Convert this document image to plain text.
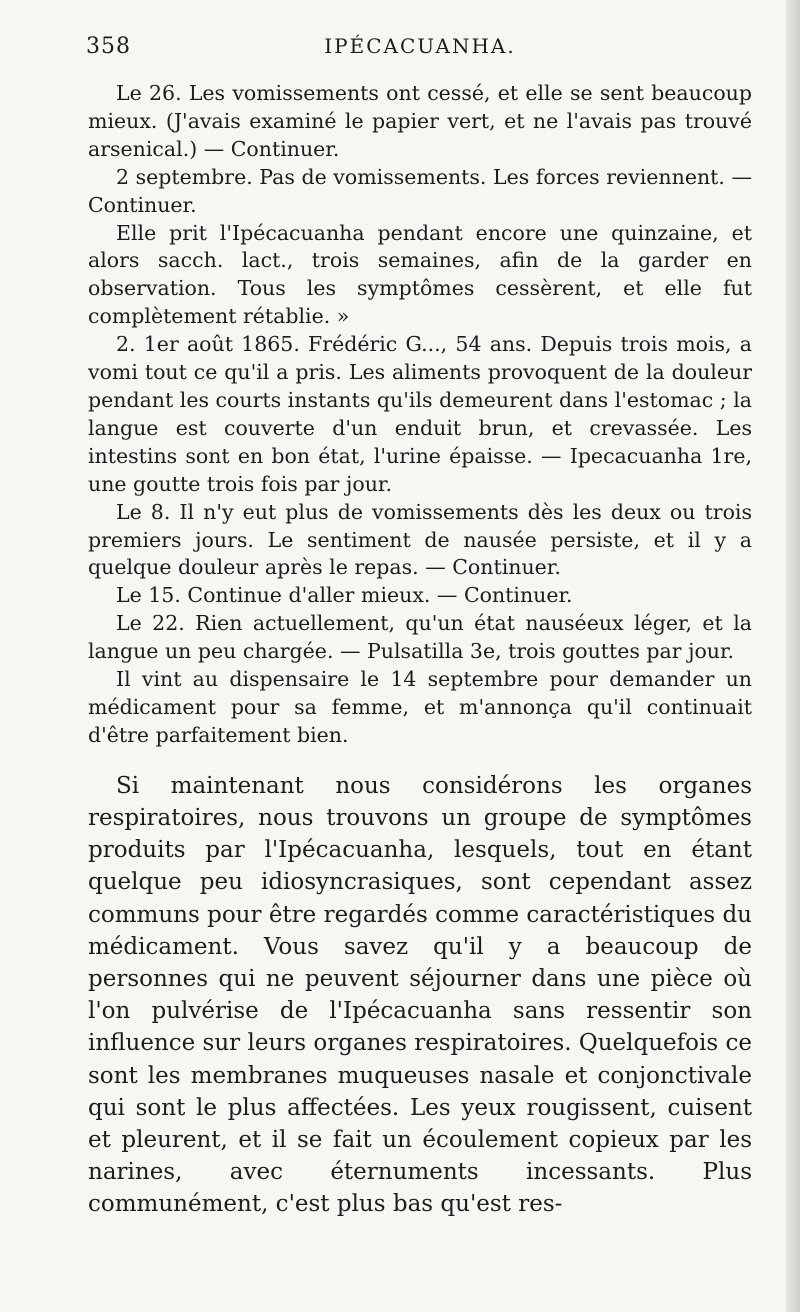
358	IPÉCACUANHA.

Le 26. Les vomissements ont cessé, et elle se sent beaucoup mieux. (J'avais examiné le papier vert, et ne l'avais pas trouvé arsenical.) — Continuer.

2 septembre. Pas de vomissements. Les forces reviennent. — Continuer.

Elle prit l'Ipécacuanha pendant encore une quinzaine, et alors sacch. lact., trois semaines, afin de la garder en observation. Tous les symptômes cessèrent, et elle fut complètement rétablie. »

2. 1er août 1865. Frédéric G..., 54 ans. Depuis trois mois, a vomi tout ce qu'il a pris. Les aliments provoquent de la douleur pendant les courts instants qu'ils demeurent dans l'estomac ; la langue est couverte d'un enduit brun, et crevassée. Les intestins sont en bon état, l'urine épaisse. — Ipecacuanha 1re, une goutte trois fois par jour.

Le 8. Il n'y eut plus de vomissements dès les deux ou trois premiers jours. Le sentiment de nausée persiste, et il y a quelque douleur après le repas. — Continuer.

Le 15. Continue d'aller mieux. — Continuer.

Le 22. Rien actuellement, qu'un état nauséeux léger, et la langue un peu chargée. — Pulsatilla 3e, trois gouttes par jour.

Il vint au dispensaire le 14 septembre pour demander un médicament pour sa femme, et m'annonça qu'il continuait d'être parfaitement bien.

Si maintenant nous considérons les organes respiratoires, nous trouvons un groupe de symptômes produits par l'Ipécacuanha, lesquels, tout en étant quelque peu idiosyncrasiques, sont cependant assez communs pour être regardés comme caractéristiques du médicament. Vous savez qu'il y a beaucoup de personnes qui ne peuvent séjourner dans une pièce où l'on pulvérise de l'Ipécacuanha sans ressentir son influence sur leurs organes respiratoires. Quelquefois ce sont les membranes muqueuses nasale et conjonctivale qui sont le plus affectées. Les yeux rougissent, cuisent et pleurent, et il se fait un écoulement copieux par les narines, avec éternuments incessants. Plus communément, c'est plus bas qu'est res-
